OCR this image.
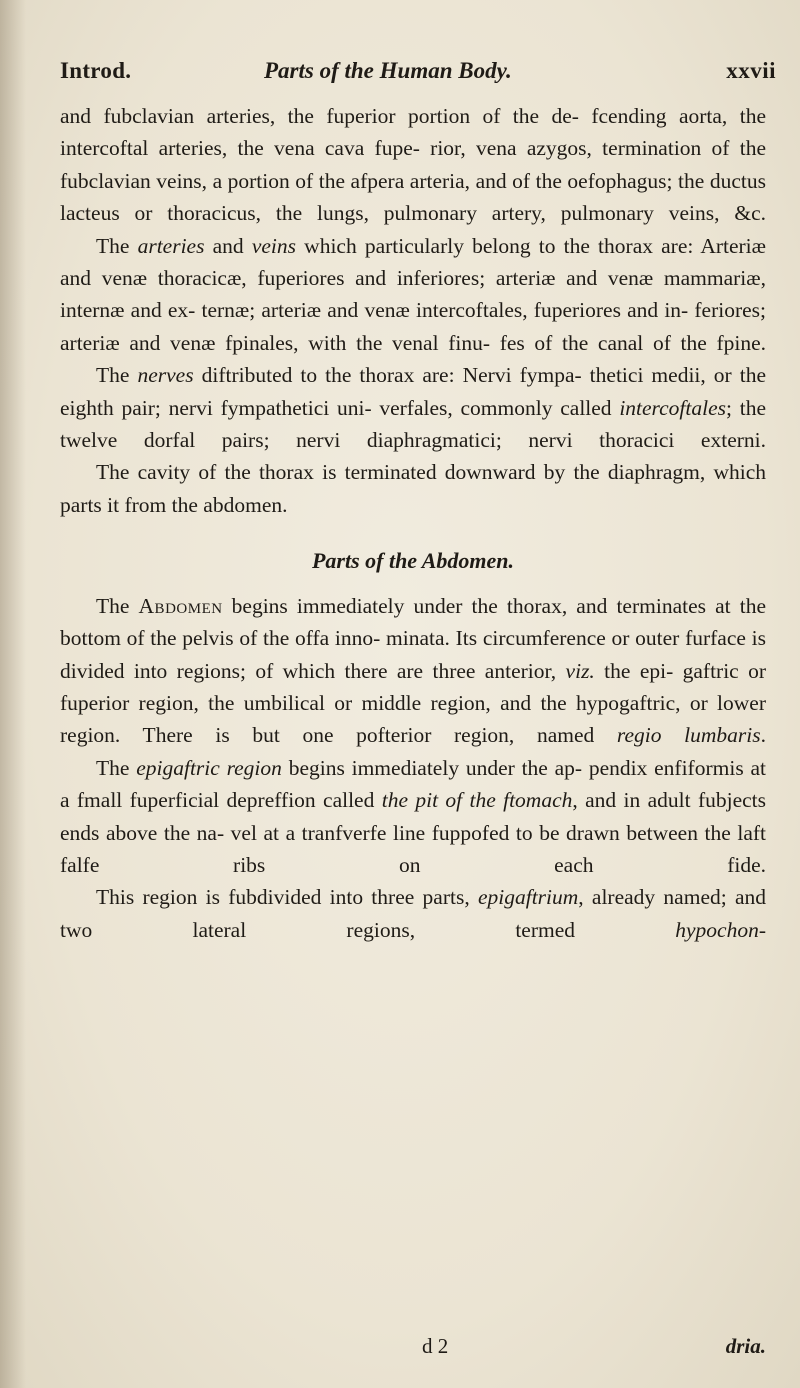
Introd.	Parts of the Human Body.	xxvii

and fubclavian arteries, the fuperior portion of the de- fcending aorta, the intercoftal arteries, the vena cava fupe- rior, vena azygos, termination of the fubclavian veins, a portion of the afpera arteria, and of the oefophagus; the ductus lacteus or thoracicus, the lungs, pulmonary artery, pulmonary veins, &c.

The arteries and veins which particularly belong to the thorax are: Arteriæ and venæ thoracicæ, fuperiores and inferiores; arteriæ and venæ mammariæ, internæ and ex- ternæ; arteriæ and venæ intercoftales, fuperiores and in- feriores; arteriæ and venæ fpinales, with the venal finu- fes of the canal of the fpine.

The nerves diftributed to the thorax are: Nervi fympa- thetici medii, or the eighth pair; nervi fympathetici uni- verfales, commonly called intercoftales; the twelve dorfal pairs; nervi diaphragmatici; nervi thoracici externi.

The cavity of the thorax is terminated downward by the diaphragm, which parts it from the abdomen.

Parts of the Abdomen.

The Abdomen begins immediately under the thorax, and terminates at the bottom of the pelvis of the offa inno- minata. Its circumference or outer furface is divided into regions; of which there are three anterior, viz. the epi- gaftric or fuperior region, the umbilical or middle region, and the hypogaftric, or lower region. There is but one pofterior region, named regio lumbaris.

The epigaftric region begins immediately under the ap- pendix enfiformis at a fmall fuperficial depreffion called the pit of the ftomach, and in adult fubjects ends above the na- vel at a tranfverfe line fuppofed to be drawn between the laft falfe ribs on each fide.

This region is fubdivided into three parts, epigaftrium, already named; and two lateral regions, termed hypochon-

d 2	dria.
